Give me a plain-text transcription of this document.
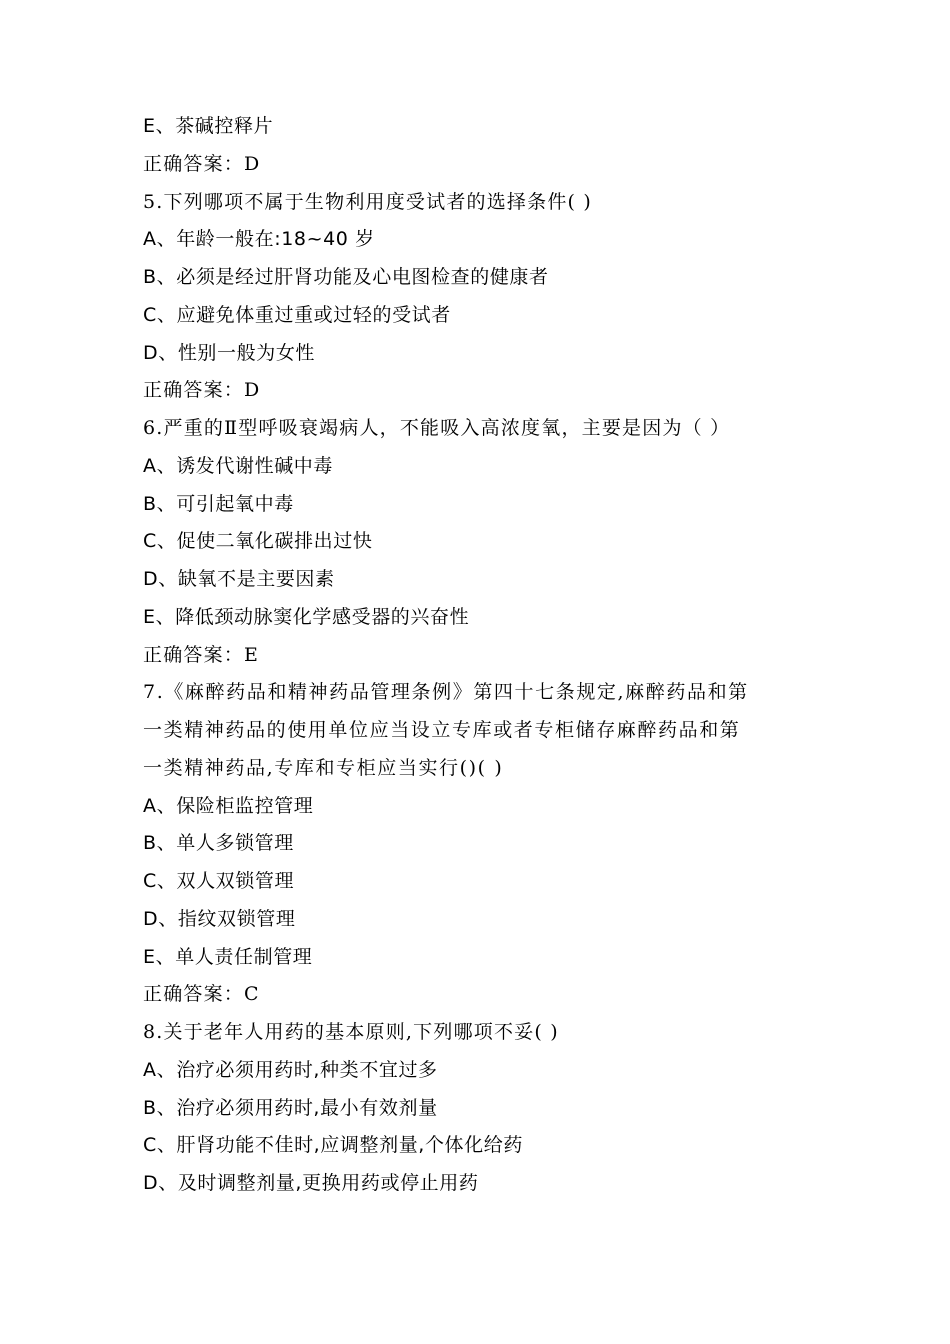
E、茶碱控释片
正确答案：D
5.下列哪项不属于生物利用度受试者的选择条件( )
A、年龄一般在:18~40 岁
B、必须是经过肝肾功能及心电图检查的健康者
C、应避免体重过重或过轻的受试者
D、性别一般为女性
正确答案：D
6.严重的Ⅱ型呼吸衰竭病人，不能吸入高浓度氧，主要是因为（ ）
A、诱发代谢性碱中毒
B、可引起氧中毒
C、促使二氧化碳排出过快
D、缺氧不是主要因素
E、降低颈动脉窦化学感受器的兴奋性
正确答案：E
7.《麻醉药品和精神药品管理条例》第四十七条规定,麻醉药品和第
一类精神药品的使用单位应当设立专库或者专柜储存麻醉药品和第
一类精神药品,专库和专柜应当实行()( )
A、保险柜监控管理
B、单人多锁管理
C、双人双锁管理
D、指纹双锁管理
E、单人责任制管理
正确答案：C
8.关于老年人用药的基本原则,下列哪项不妥( )
A、治疗必须用药时,种类不宜过多
B、治疗必须用药时,最小有效剂量
C、肝肾功能不佳时,应调整剂量,个体化给药
D、及时调整剂量,更换用药或停止用药
